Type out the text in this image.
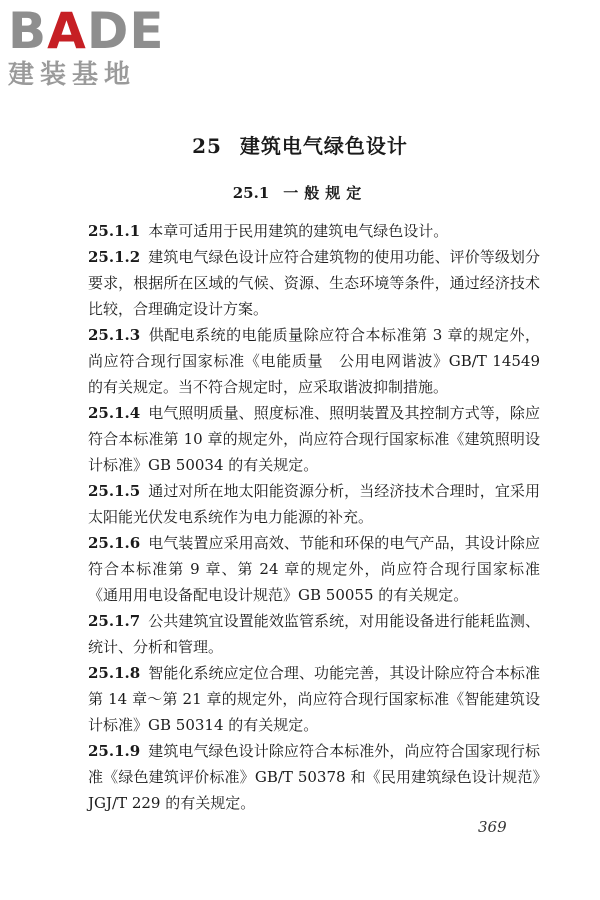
BADE
建装基地
25 建筑电气绿色设计
25.1 一般规定

25.1.1 本章可适用于民用建筑的建筑电气绿色设计。

25.1.2 建筑电气绿色设计应符合建筑物的使用功能、评价等级划分要求，根据所在区域的气候、资源、生态环境等条件，通过经济技术比较，合理确定设计方案。

25.1.3 供配电系统的电能质量除应符合本标准第 3 章的规定外，尚应符合现行国家标准《电能质量　公用电网谐波》GB/T 14549 的有关规定。当不符合规定时，应采取谐波抑制措施。

25.1.4 电气照明质量、照度标准、照明装置及其控制方式等，除应符合本标准第 10 章的规定外，尚应符合现行国家标准《建筑照明设计标准》GB 50034 的有关规定。

25.1.5 通过对所在地太阳能资源分析，当经济技术合理时，宜采用太阳能光伏发电系统作为电力能源的补充。

25.1.6 电气装置应采用高效、节能和环保的电气产品，其设计除应符合本标准第 9 章、第 24 章的规定外，尚应符合现行国家标准《通用用电设备配电设计规范》GB 50055 的有关规定。

25.1.7 公共建筑宜设置能效监管系统，对用能设备进行能耗监测、统计、分析和管理。

25.1.8 智能化系统应定位合理、功能完善，其设计除应符合本标准第 14 章～第 21 章的规定外，尚应符合现行国家标准《智能建筑设计标准》GB 50314 的有关规定。

25.1.9 建筑电气绿色设计除应符合本标准外，尚应符合国家现行标准《绿色建筑评价标准》GB/T 50378 和《民用建筑绿色设计规范》JGJ/T 229 的有关规定。

369
